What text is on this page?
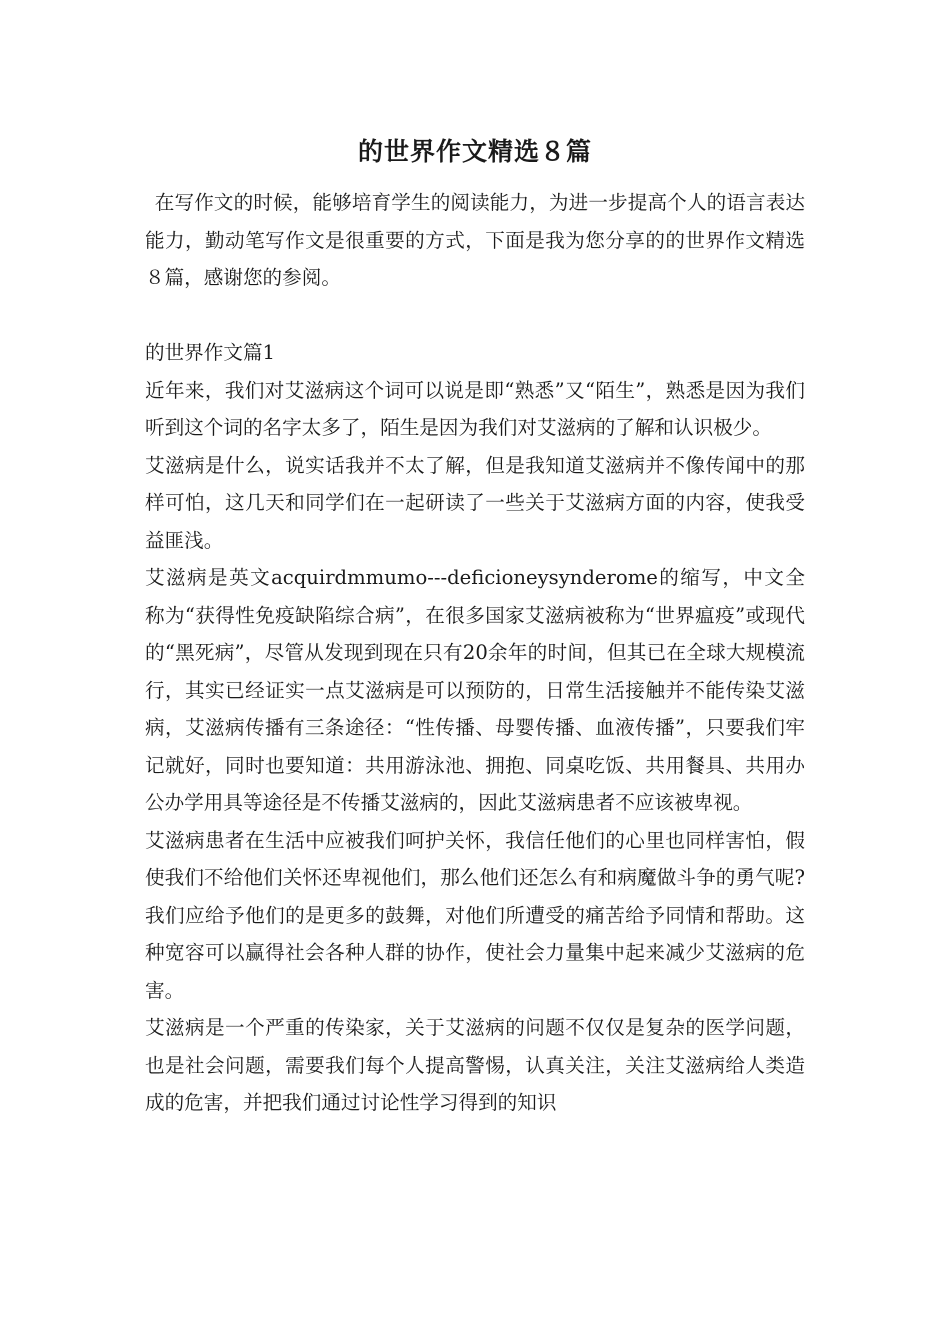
的世界作文精选８篇

在写作文的时候，能够培育学生的阅读能力，为进一步提高个人的语言表达能力，勤动笔写作文是很重要的方式，下面是我为您分享的的世界作文精选８篇，感谢您的参阅。

的世界作文篇1

近年来，我们对艾滋病这个词可以说是即“熟悉”又“陌生”，熟悉是因为我们听到这个词的名字太多了，陌生是因为我们对艾滋病的了解和认识极少。

艾滋病是什么，说实话我并不太了解，但是我知道艾滋病并不像传闻中的那样可怕，这几天和同学们在一起研读了一些关于艾滋病方面的内容，使我受益匪浅。

艾滋病是英文acquirdmmumo---deficioneysynderome的缩写，中文全称为“获得性免疫缺陷综合病”，在很多国家艾滋病被称为“世界瘟疫”或现代的“黑死病”，尽管从发现到现在只有20余年的时间，但其已在全球大规模流行，其实已经证实一点艾滋病是可以预防的，日常生活接触并不能传染艾滋病，艾滋病传播有三条途径：“性传播、母婴传播、血液传播”，只要我们牢记就好，同时也要知道：共用游泳池、拥抱、同桌吃饭、共用餐具、共用办公办学用具等途径是不传播艾滋病的，因此艾滋病患者不应该被卑视。

艾滋病患者在生活中应被我们呵护关怀，我信任他们的心里也同样害怕，假使我们不给他们关怀还卑视他们，那么他们还怎么有和病魔做斗争的勇气呢?我们应给予他们的是更多的鼓舞，对他们所遭受的痛苦给予同情和帮助。这种宽容可以赢得社会各种人群的协作，使社会力量集中起来减少艾滋病的危害。

艾滋病是一个严重的传染家，关于艾滋病的问题不仅仅是复杂的医学问题，也是社会问题，需要我们每个人提高警惕，认真关注，关注艾滋病给人类造成的危害，并把我们通过讨论性学习得到的知识
